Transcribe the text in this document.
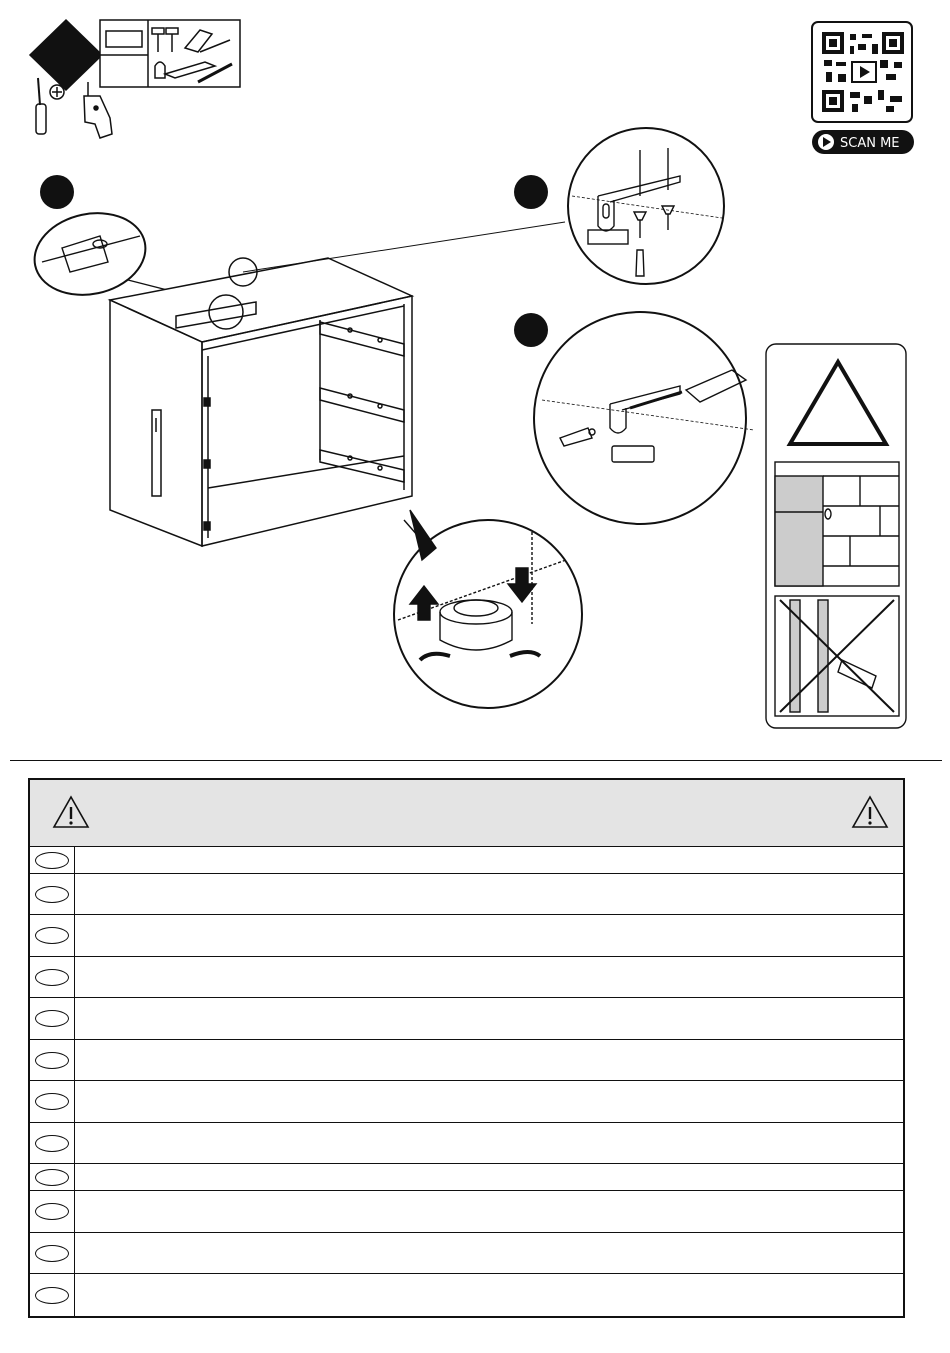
SCAN ME
